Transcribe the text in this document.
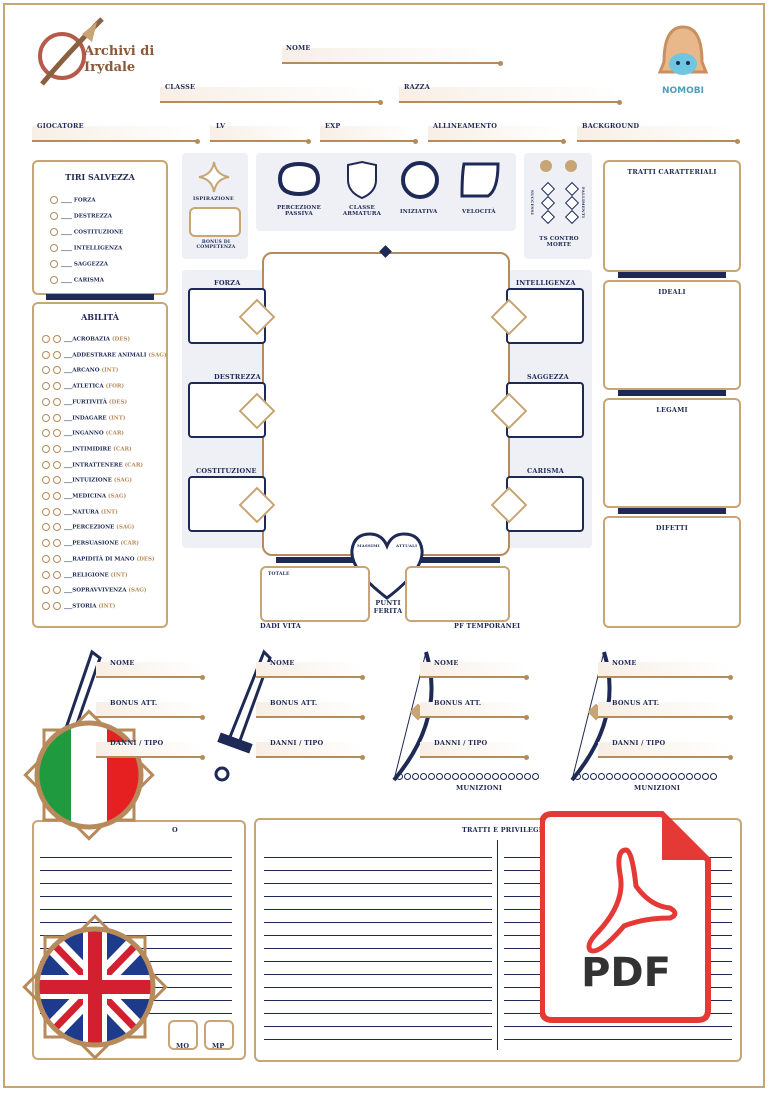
Archivi di Irydale
NOMOBI
NOME
CLASSE	RAZZA
GIOCATORE	LV	EXP	ALLINEAMENTO	BACKGROUND
TIRI SALVEZZA
ABILITÀ
ISPIRAZIONE
BONUS DI COMPETENZA
PERCEZIONE PASSIVA
CLASSE ARMATURA	INIZIATIVA	VELOCITÀ	SUCCESSI	FALLIMENTI
TS CONTRO MORTE
MASSIMI	ATTUALI
PUNTI FERITA
TOTALE
DADI VITA	PF TEMPORANEI
O
MO	MP
TRATTI E PRIVILEGI
PDF
____ FORZA
____ DESTREZZA
____ COSTITUZIONE
____ INTELLIGENZA
____ SAGGEZZA
____ CARISMA
___ACROBAZIA (DES)
___ADDESTRARE ANIMALI (SAG)
___ARCANO (INT)
___ATLETICA (FOR)
___FURTIVITÀ (DES)
___INDAGARE (INT)
___INGANNO (CAR)
___INTIMIDIRE (CAR)
___INTRATTENERE (CAR)
___INTUIZIONE (SAG)
___MEDICINA (SAG)
___NATURA (INT)
___PERCEZIONE (SAG)
___PERSUASIONE (CAR)
___RAPIDITÀ DI MANO (DES)
___RELIGIONE (INT)
___SOPRAVVIVENZA (SAG)
___STORIA (INT)
FORZA
DESTREZZA
COSTITUZIONE
INTELLIGENZA
SAGGEZZA
CARISMA
TRATTI CARATTERIALI
IDEALI
LEGAMI
DIFETTI
NOME
BONUS ATT.
DANNI / TIPO
NOME
BONUS ATT.
DANNI / TIPO
NOME
BONUS ATT.
DANNI / TIPO
MUNIZIONI
NOME
BONUS ATT.
DANNI / TIPO
MUNIZIONI
